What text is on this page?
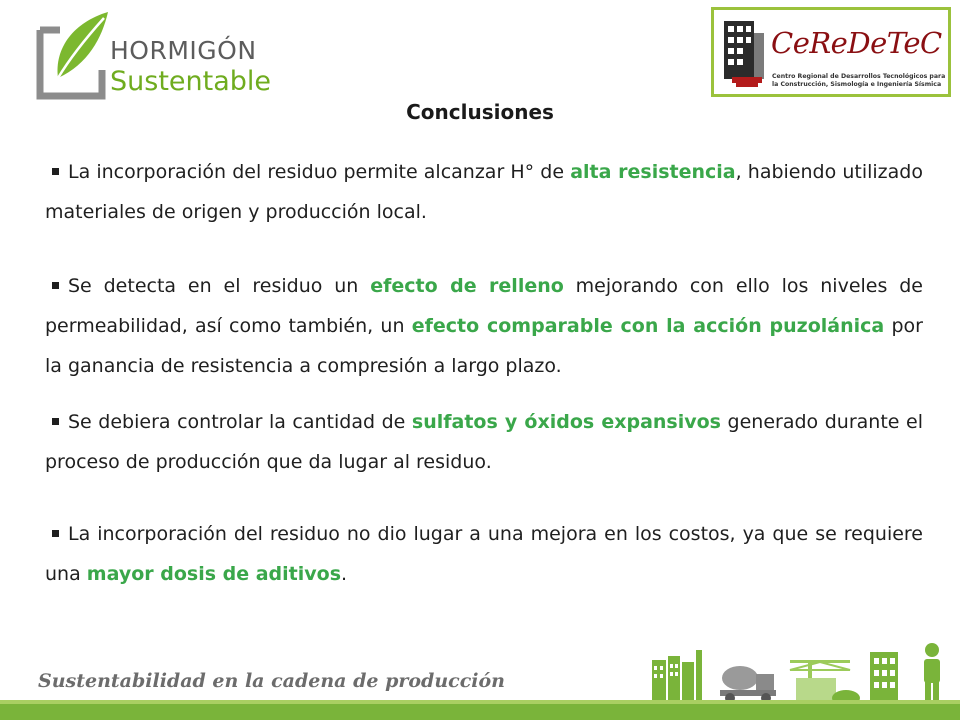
HORMIGÓN
Sustentable
CeReDeTeC
Centro Regional de Desarrollos Tecnológicos para
la Construcción, Sismología e Ingeniería Sísmica
Conclusiones

La incorporación del residuo permite alcanzar H° de alta resistencia, habiendo utilizado materiales de origen y producción local.

Se detecta en el residuo un efecto de relleno mejorando con ello los niveles de permeabilidad, así como también, un efecto comparable con la acción puzolánica por la ganancia de resistencia a compresión a largo plazo.

Se debiera controlar la cantidad de sulfatos y óxidos expansivos generado durante el proceso de producción que da lugar al residuo.

La incorporación del residuo no dio lugar a una mejora en los costos, ya que se requiere una mayor dosis de aditivos.

Sustentabilidad en la cadena de producción
